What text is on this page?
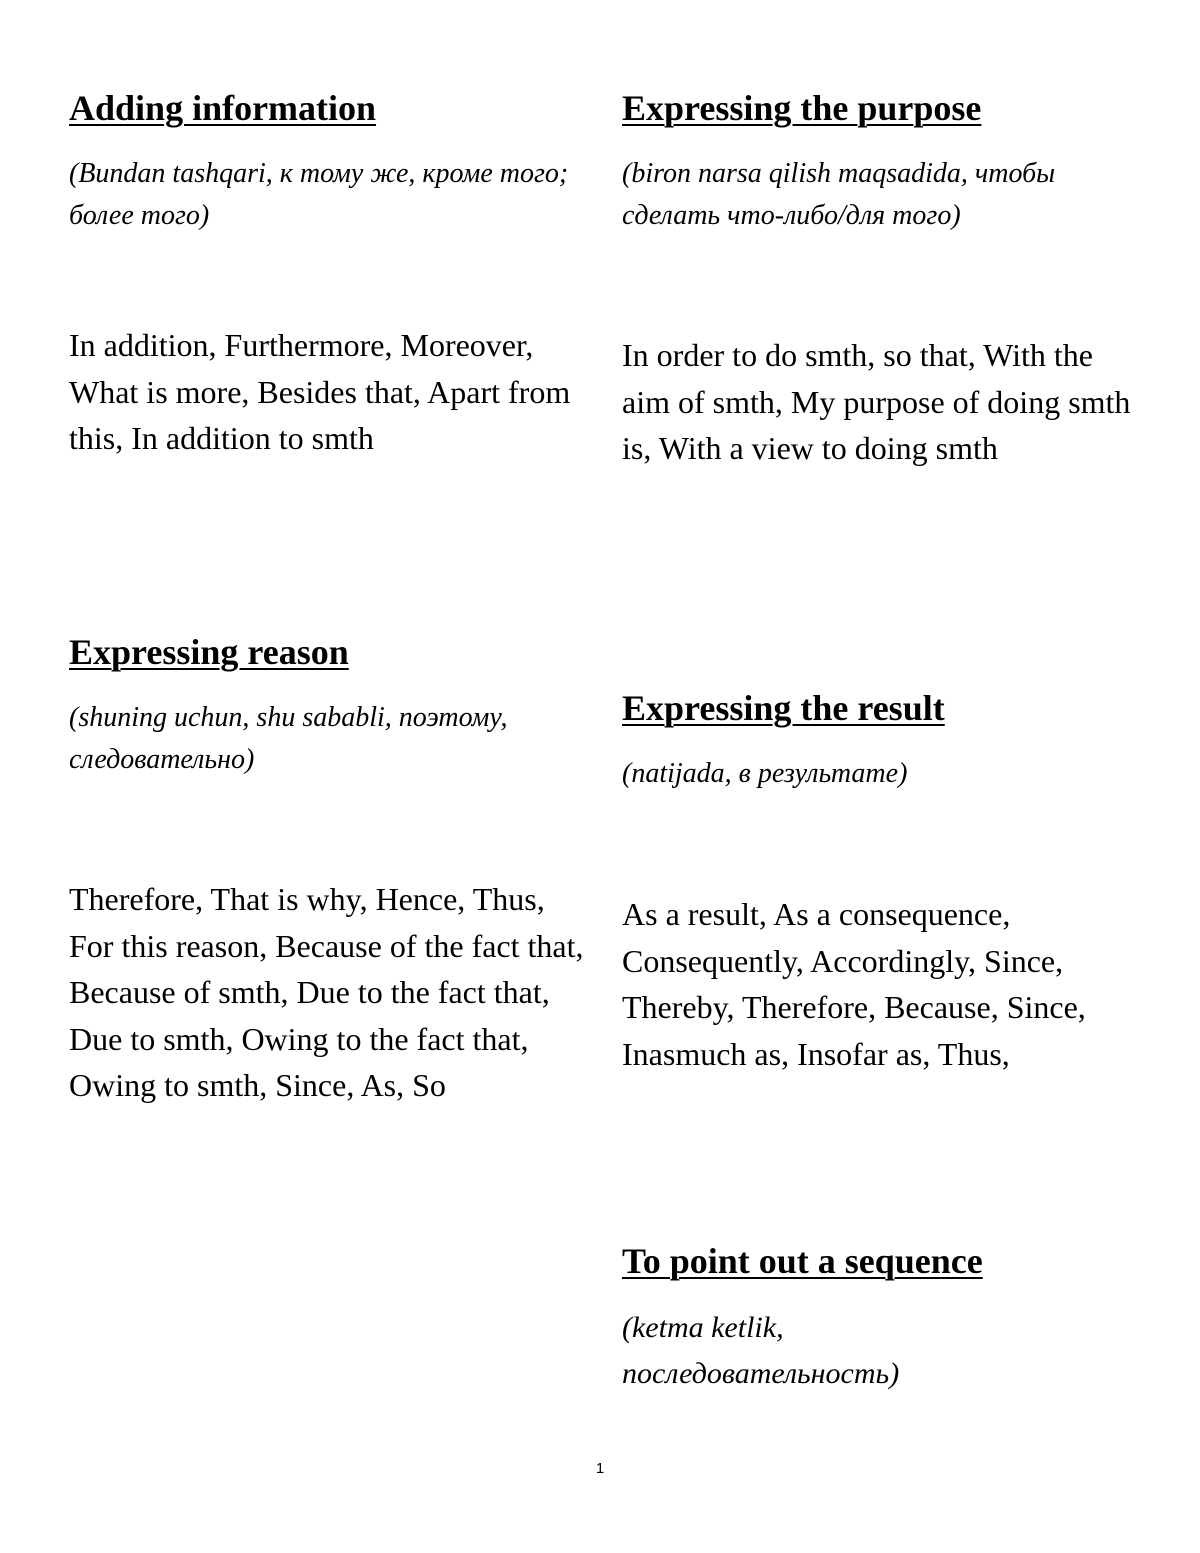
Adding information

(Bundan tashqari, к тому же, кроме того; более того)

In addition, Furthermore, Moreover, What is more, Besides that, Apart from this, In addition to smth

Expressing the purpose

(biron narsa qilish maqsadida, чтобы сделать что-либо/для того)

In order to do smth, so that, With the aim of smth, My purpose of doing smth is, With a view to doing smth

Expressing reason

(shuning uchun, shu sababli, поэтому, следовательно)

Therefore, That is why, Hence, Thus, For this reason, Because of the fact that, Because of smth, Due to the fact that, Due to smth, Owing to the fact that, Owing to smth, Since, As, So

Expressing the result

(natijada, в результате)

As a result, As a consequence, Consequently, Accordingly, Since, Thereby, Therefore, Because, Since, Inasmuch as, Insofar as, Thus,

To point out a sequence

(ketma ketlik, последовательность)

1
